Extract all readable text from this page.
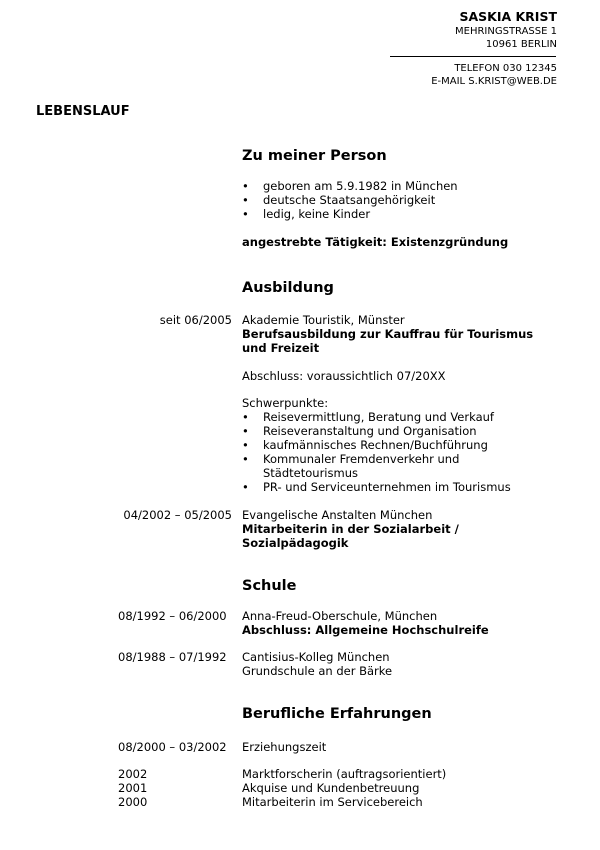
SASKIA KRIST
MEHRINGSTRASSE 1
10961 BERLIN
TELEFON 030 12345
E-MAIL S.KRIST@WEB.DE
LEBENSLAUF
Zu meiner Person
• geboren am 5.9.1982 in München
• deutsche Staatsangehörigkeit
• ledig, keine Kinder
angestrebte Tätigkeit: Existenzgründung
Ausbildung
seit 06/2005 Akademie Touristik, Münster
Berufsausbildung zur Kauffrau für Tourismus
und Freizeit
Abschluss: voraussichtlich 07/20XX
Schwerpunkte:
• Reisevermittlung, Beratung und Verkauf
• Reiseveranstaltung und Organisation
• kaufmännisches Rechnen/Buchführung
• Kommunaler Fremdenverkehr und
Städtetourismus
• PR- und Serviceunternehmen im Tourismus
04/2002 – 05/2005 Evangelische Anstalten München
Mitarbeiterin in der Sozialarbeit /
Sozialpädagogik
Schule
08/1992 – 06/2000 Anna-Freud-Oberschule, München
Abschluss: Allgemeine Hochschulreife
08/1988 – 07/1992 Cantisius-Kolleg München
Grundschule an der Bärke
Berufliche Erfahrungen
08/2000 – 03/2002 Erziehungszeit
2002	Marktforscherin (auftragsorientiert)
2001	Akquise und Kundenbetreuung
2000	Mitarbeiterin im Servicebereich
